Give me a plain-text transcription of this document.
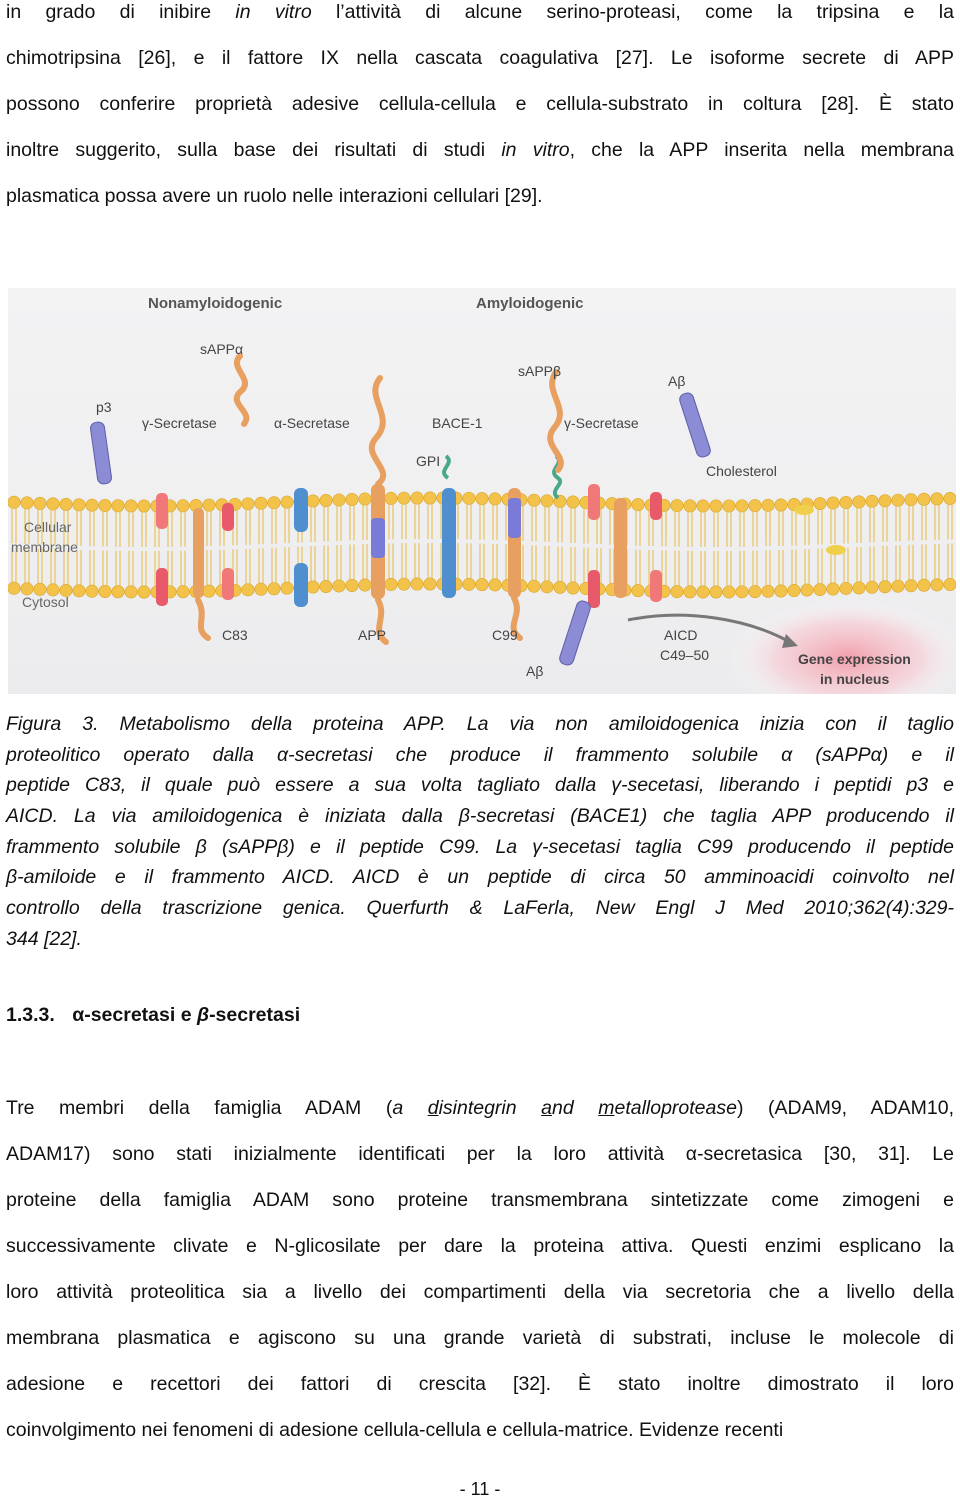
in grado di inibire in vitro l’attività di alcune serino-proteasi, come la tripsina e la
chimotripsina [26], e il fattore IX nella cascata coagulativa [27]. Le isoforme secrete di APP
possono conferire proprietà adesive cellula-cellula e cellula-substrato in coltura [28]. È stato
inoltre suggerito, sulla base dei risultati di studi in vitro, che la APP inserita nella membrana
plasmatica possa avere un ruolo nelle interazioni cellulari [29].
Nonamyloidogenic	Amyloidogenic
sAPPα
sAPPβ
p3
Aβ
γ-Secretase	α-Secretase	BACE-1	γ-Secretase
GPI
Cholesterol
Cellular
membrane
Cytosol
C83	APP	C99
Aβ
AICD
C49–50	Gene expression
in nucleus
Figura 3. Metabolismo della proteina APP. La via non amiloidogenica inizia con il taglio
proteolitico operato dalla α-secretasi che produce il frammento solubile α (sAPPα) e il
peptide C83, il quale può essere a sua volta tagliato dalla γ-secetasi, liberando i peptidi p3 e
AICD. La via amiloidogenica è iniziata dalla β-secretasi (BACE1) che taglia APP producendo il
frammento solubile β (sAPPβ) e il peptide C99. La γ-secetasi taglia C99 producendo il peptide
β-amiloide e il frammento AICD. AICD è un peptide di circa 50 amminoacidi coinvolto nel
controllo della trascrizione genica. Querfurth & LaFerla, New Engl J Med 2010;362(4):329-
344 [22].
1.3.3. α-secretasi e β-secretasi
Tre membri della famiglia ADAM (a disintegrin and metalloprotease) (ADAM9, ADAM10,
ADAM17) sono stati inizialmente identificati per la loro attività α-secretasica [30, 31]. Le
proteine della famiglia ADAM sono proteine transmembrana sintetizzate come zimogeni e
successivamente clivate e N-glicosilate per dare la proteina attiva. Questi enzimi esplicano la
loro attività proteolitica sia a livello dei compartimenti della via secretoria che a livello della
membrana plasmatica e agiscono su una grande varietà di substrati, incluse le molecole di
adesione e recettori dei fattori di crescita [32]. È stato inoltre dimostrato il loro
coinvolgimento nei fenomeni di adesione cellula-cellula e cellula-matrice. Evidenze recenti
- 11 -
